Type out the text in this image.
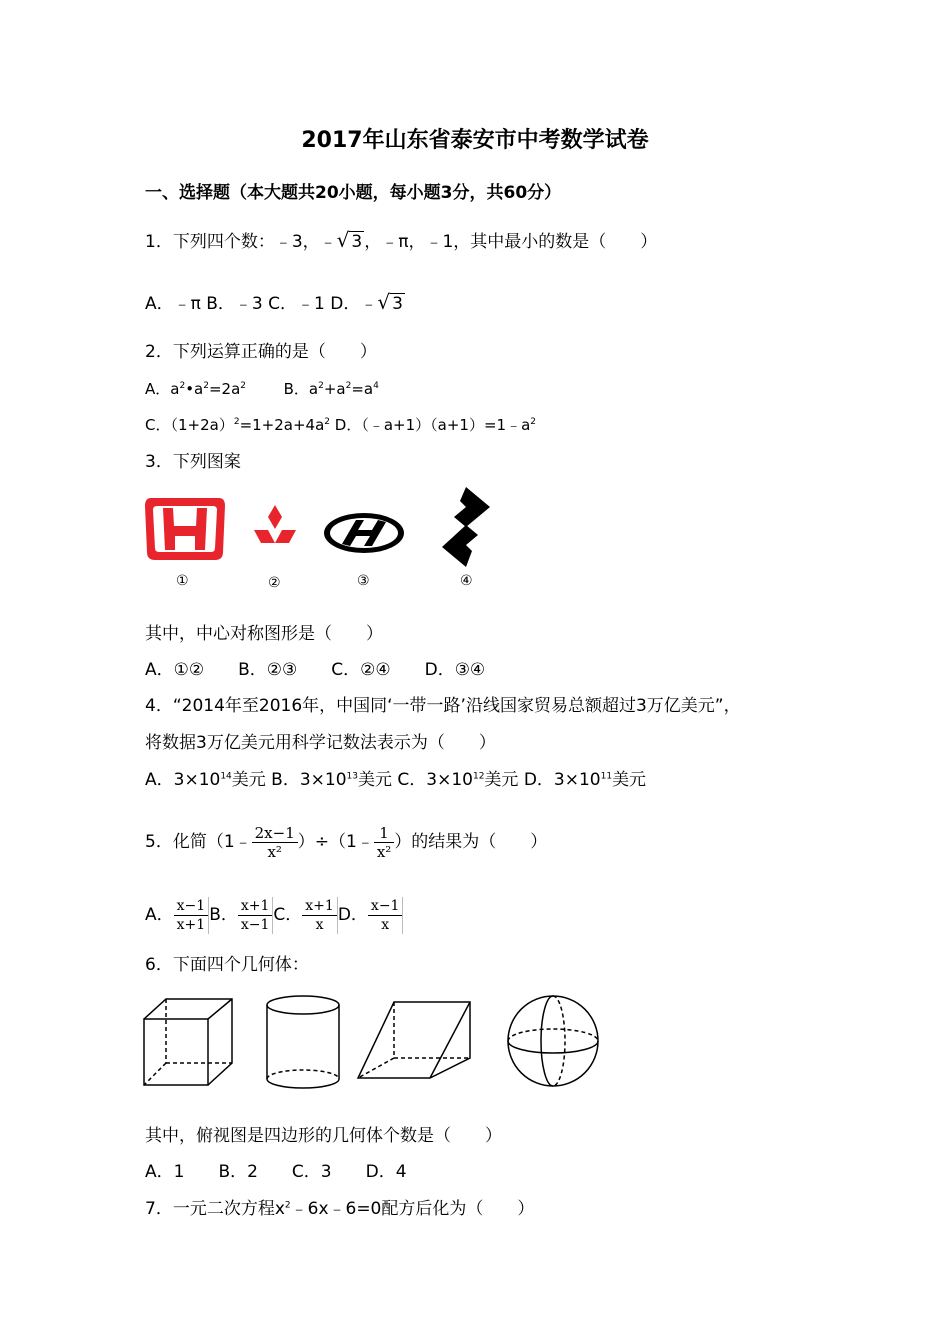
2017年山东省泰安市中考数学试卷
一、选择题（本大题共20小题，每小题3分，共60分）
1．下列四个数：﹣3，﹣√ 3 ，﹣π，﹣1，其中最小的数是（　　）
A．﹣π B．﹣3 C．﹣1 D．﹣√ 3
2．下列运算正确的是（　　）
A．$a^2•a^2=2a^2$	B．$a^2+a^2=a^4$
C．$(1+2a)^2=1+2a+4a^2$ D．$(﹣a+1)(a+1)=1﹣a^2$
3．下列图案
①	②	③	④
其中，中心对称图形是（　　）
A．①②　　B．②③　　C．②④　　D．③④
4．“2014年至2016年，中国同‘一带一路’沿线国家贸易总额超过3万亿美元”，
将数据3万亿美元用科学记数法表示为（　　）
A．$3\times 10^{14}$美元 B．$3\times 10^{13}$美元 C．$3\times 10^{12}$美元 D．$3\times 10^{11}$美元
5．化简（1﹣ $\frac{2x-1}{\text{x²}}$ ）÷（1﹣ $\frac{1}{\text{x²}}$ ）的结果为（　　）
A． $\frac{x-1}{x+1}$ B． $\frac{x+1}{x-1}$ C． $\frac{x+1}{x}$ D． $\frac{x-1}{x}$
6．下面四个几何体：
其中，俯视图是四边形的几何体个数是（　　）
A．1　　B．2　　C．3　　D．4
7．一元二次方程$x^2﹣6x﹣6=0$配方后化为（　　）
